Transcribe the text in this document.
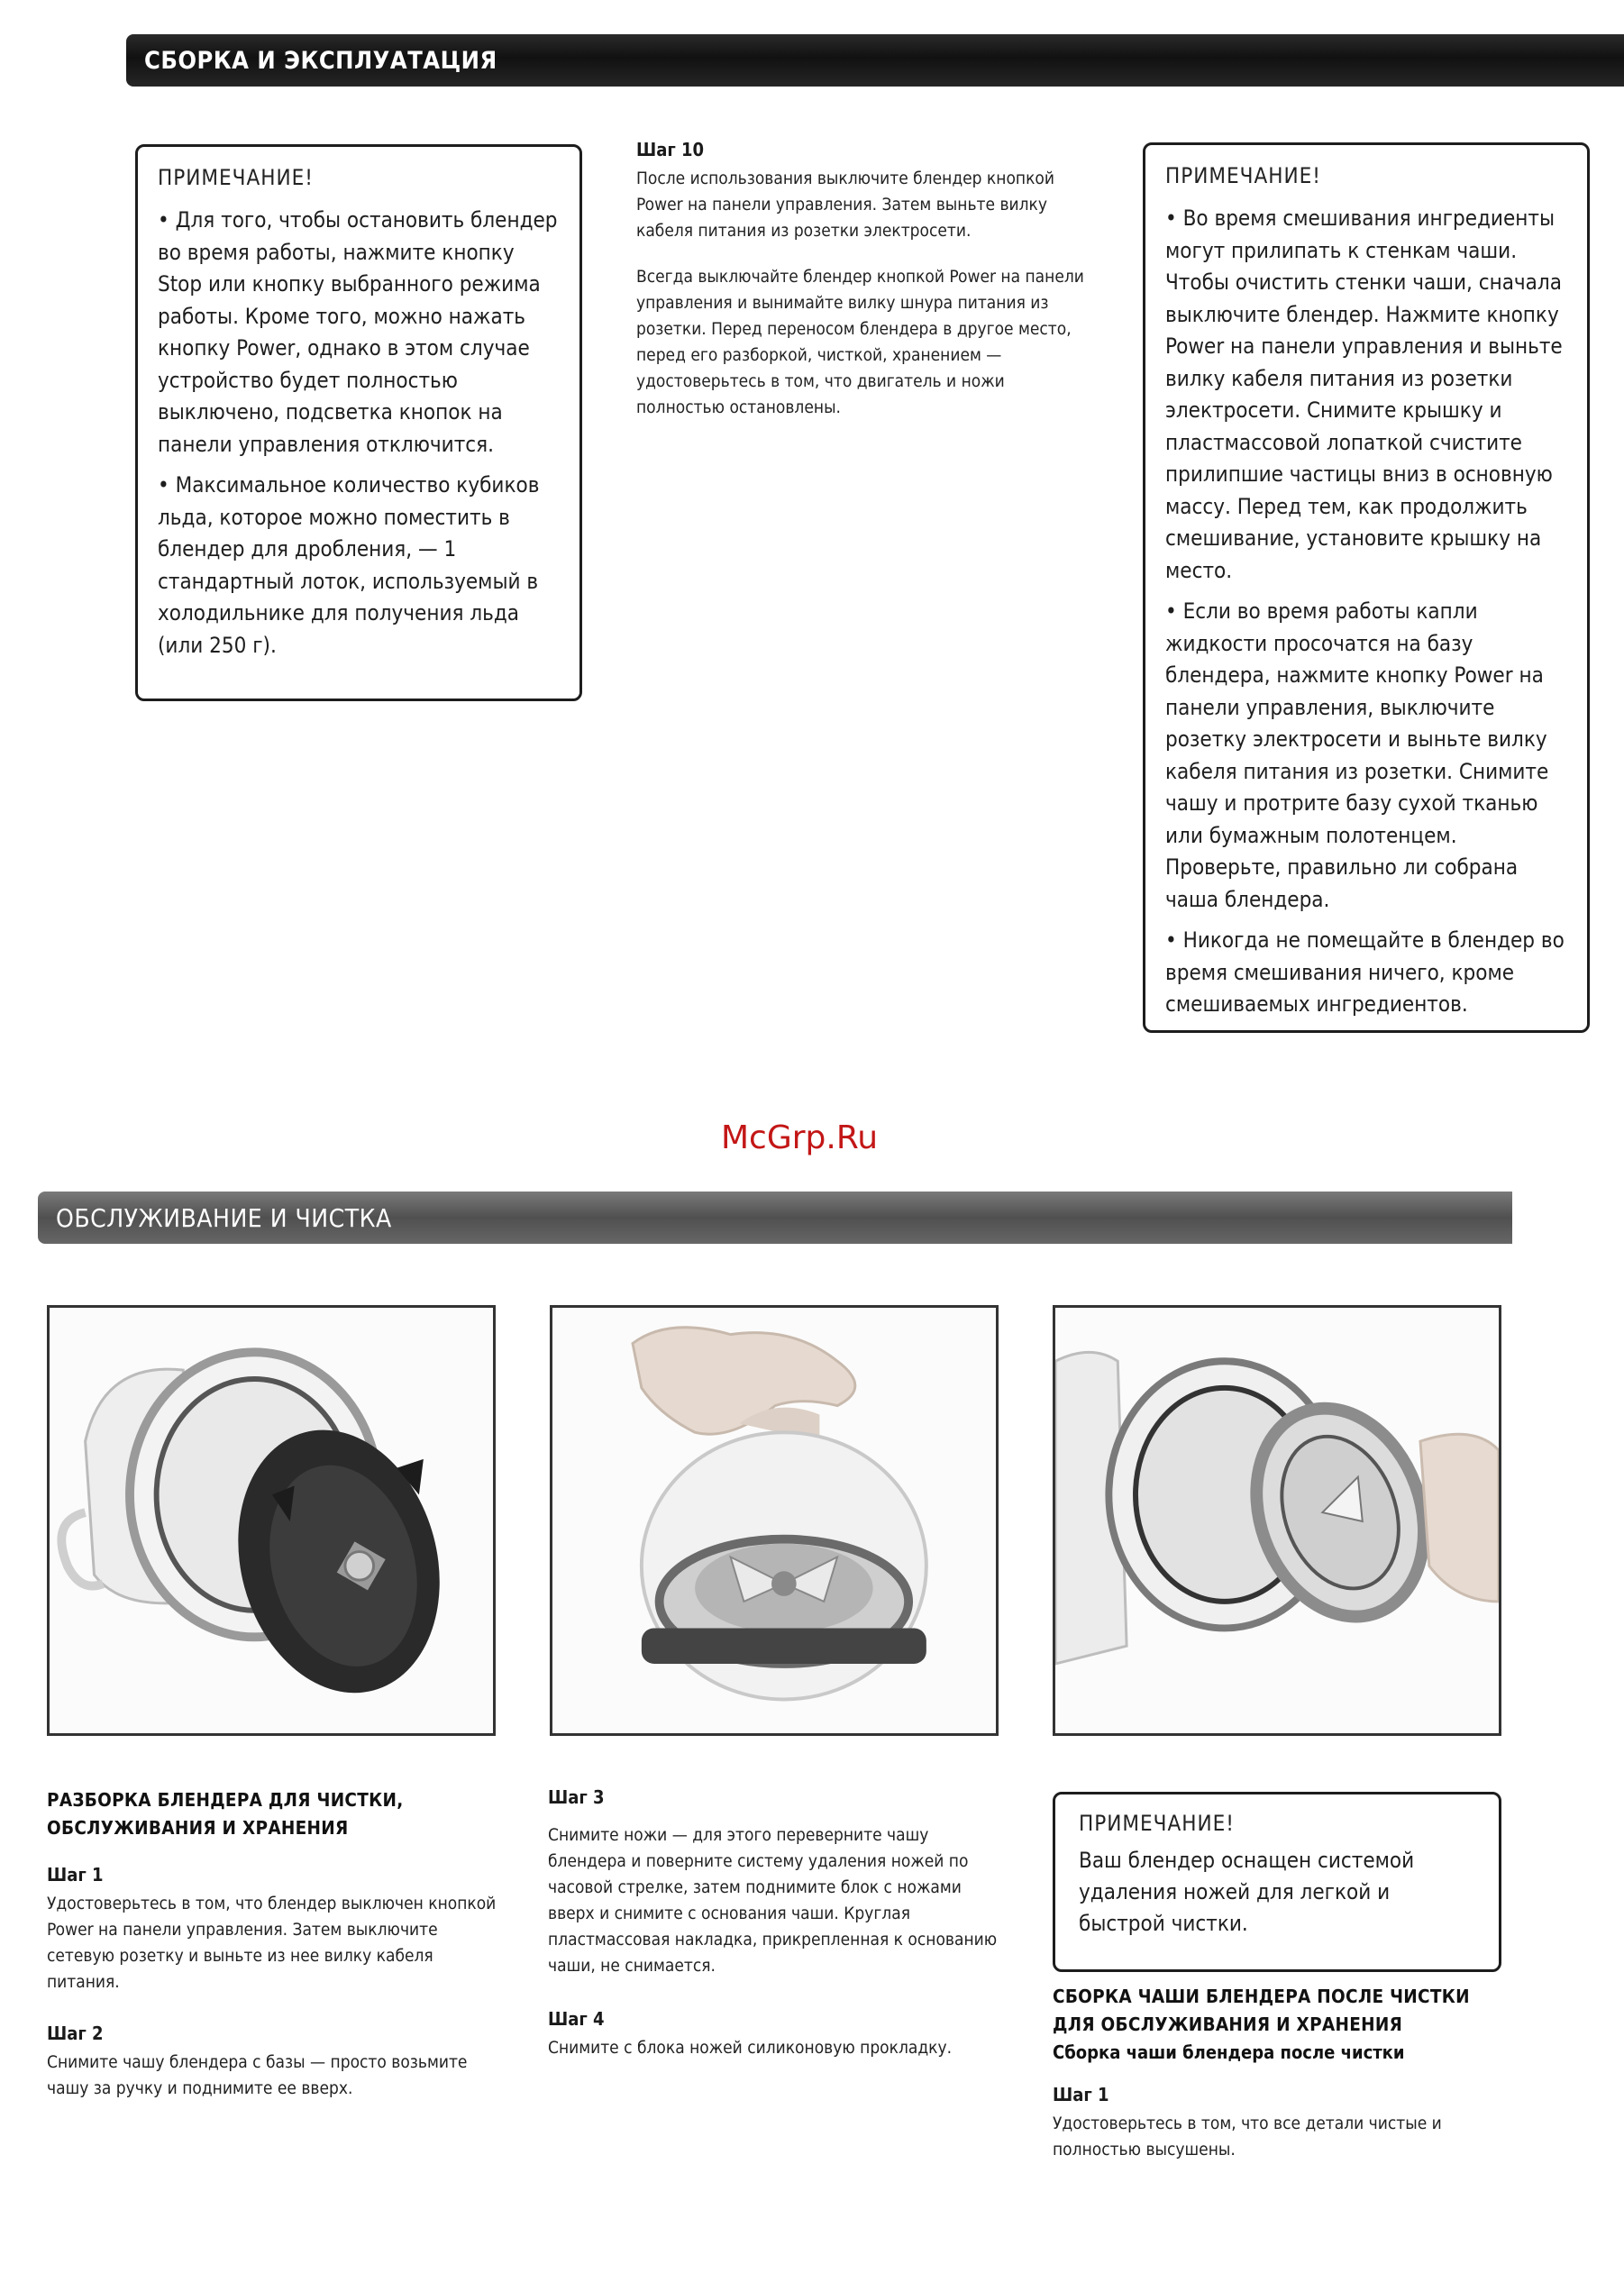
СБОРКА И ЭКСПЛУАТАЦИЯ
ПРИМЕЧАНИЕ!

• Для того, чтобы остановить блендер во время работы, нажмите кнопку Stop или кнопку выбранного режима работы. Кроме того, можно нажать кнопку Power, однако в этом случае устройство будет полностью выключено, подсветка кнопок на панели управления отключится.

• Максимальное количество кубиков льда, которое можно поместить в блендер для дробления, — 1 стандартный лоток, используемый в холодильнике для получения льда (или 250 г).

Шаг 10

После использования выключите блендер кнопкой Power на панели управления. Затем выньте вилку кабеля питания из розетки электросети.

Всегда выключайте блендер кнопкой Power на панели управления и вынимайте вилку шнура питания из розетки. Перед переносом блендера в другое место, перед его разборкой, чисткой, хранением — удостоверьтесь в том, что двигатель и ножи полностью остановлены.

ПРИМЕЧАНИЕ!

• Во время смешивания ингредиенты могут прилипать к стенкам чаши. Чтобы очистить стенки чаши, сначала выключите блендер. Нажмите кнопку Power на панели управления и выньте вилку кабеля питания из розетки электросети. Снимите крышку и пластмассовой лопаткой счистите прилипшие частицы вниз в основную массу. Перед тем, как продолжить смешивание, установите крышку на место.

• Если во время работы капли жидкости просочатся на базу блендера, нажмите кнопку Power на панели управления, выключите розетку электросети и выньте вилку кабеля питания из розетки. Снимите чашу и протрите базу сухой тканью или бумажным полотенцем. Проверьте, правильно ли собрана чаша блендера.

• Никогда не помещайте в блендер во время смешивания ничего, кроме смешиваемых ингредиентов.

McGrp.Ru
ОБСЛУЖИВАНИЕ И ЧИСТКА

РАЗБОРКА БЛЕНДЕРА ДЛЯ ЧИСТКИ,

ОБСЛУЖИВАНИЯ И ХРАНЕНИЯ

Шаг 1

Удостоверьтесь в том, что блендер выключен кнопкой Power на панели управления. Затем выключите сетевую розетку и выньте из нее вилку кабеля питания.

Шаг 2

Снимите чашу блендера с базы — просто возьмите чашу за ручку и поднимите ее вверх.

Шаг 3

Снимите ножи — для этого переверните чашу блендера и поверните систему удаления ножей по часовой стрелке, затем поднимите блок с ножами вверх и снимите с основания чаши. Круглая пластмассовая накладка, прикрепленная к основанию чаши, не снимается.

Шаг 4

Снимите с блока ножей силиконовую прокладку.

ПРИМЕЧАНИЕ!

Ваш блендер оснащен системой удаления ножей для легкой и быстрой чистки.

СБОРКА ЧАШИ БЛЕНДЕРА ПОСЛЕ ЧИСТКИ

ДЛЯ ОБСЛУЖИВАНИЯ И ХРАНЕНИЯ

Сборка чаши блендера после чистки

Шаг 1

Удостоверьтесь в том, что все детали чистые и полностью высушены.
